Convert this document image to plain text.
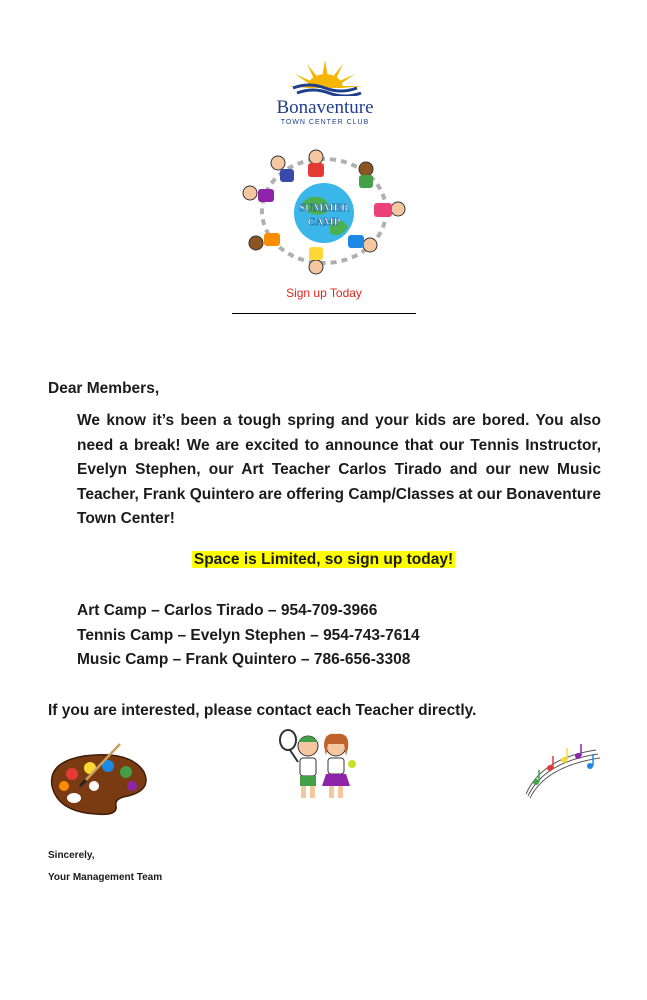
Bonaventure
TOWN CENTER CLUB
SUMMER
CAMP
Sign up Today
Dear Members,
We know it’s been a tough spring and your kids are bored. You also need a break! We are excited to announce that our Tennis Instructor, Evelyn Stephen, our Art Teacher Carlos Tirado and our new Music Teacher, Frank Quintero are offering Camp/Classes at our Bonaventure Town Center!
Space is Limited, so sign up today!
Art Camp – Carlos Tirado – 954-709-3966
Tennis Camp – Evelyn Stephen – 954-743-7614
Music Camp – Frank Quintero – 786-656-3308
If you are interested, please contact each Teacher directly.
Sincerely,
Your Management Team
